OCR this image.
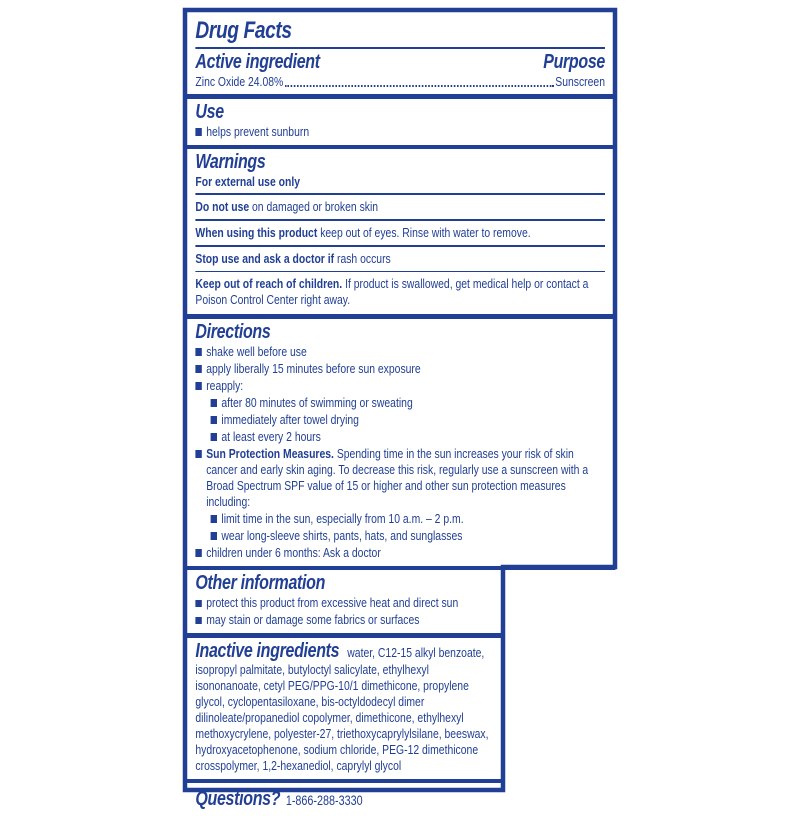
Drug Facts
Active ingredient	Purpose
Zinc Oxide 24.08%	Sunscreen
Use
helps prevent sunburn
Warnings
For external use only

Do not use on damaged or broken skin

When using this product keep out of eyes. Rinse with water to remove.

Stop use and ask a doctor if rash occurs

Keep out of reach of children. If product is swallowed, get medical help or contact a Poison Control Center right away.

Directions
shake well before use
apply liberally 15 minutes before sun exposure
reapply:
after 80 minutes of swimming or sweating
immediately after towel drying
at least every 2 hours
Sun Protection Measures. Spending time in the sun increases your risk of skin cancer and early skin aging. To decrease this risk, regularly use a sunscreen with a Broad Spectrum SPF value of 15 or higher and other sun protection measures including:
limit time in the sun, especially from 10 a.m. – 2 p.m.
wear long-sleeve shirts, pants, hats, and sunglasses
children under 6 months: Ask a doctor
Other information
protect this product from excessive heat and direct sun
may stain or damage some fabrics or surfaces

Inactive ingredients water, C12-15 alkyl benzoate, isopropyl palmitate, butyloctyl salicylate, ethylhexyl isononanoate, cetyl PEG/PPG-10/1 dimethicone, propylene glycol, cyclopentasiloxane, bis-octyldodecyl dimer dilinoleate/propanediol copolymer, dimethicone, ethylhexyl methoxycrylene, polyester-27, triethoxycaprylylsilane, beeswax, hydroxyacetophenone, sodium chloride, PEG-12 dimethicone crosspolymer, 1,2-hexanediol, caprylyl glycol

Questions? 1-866-288-3330
